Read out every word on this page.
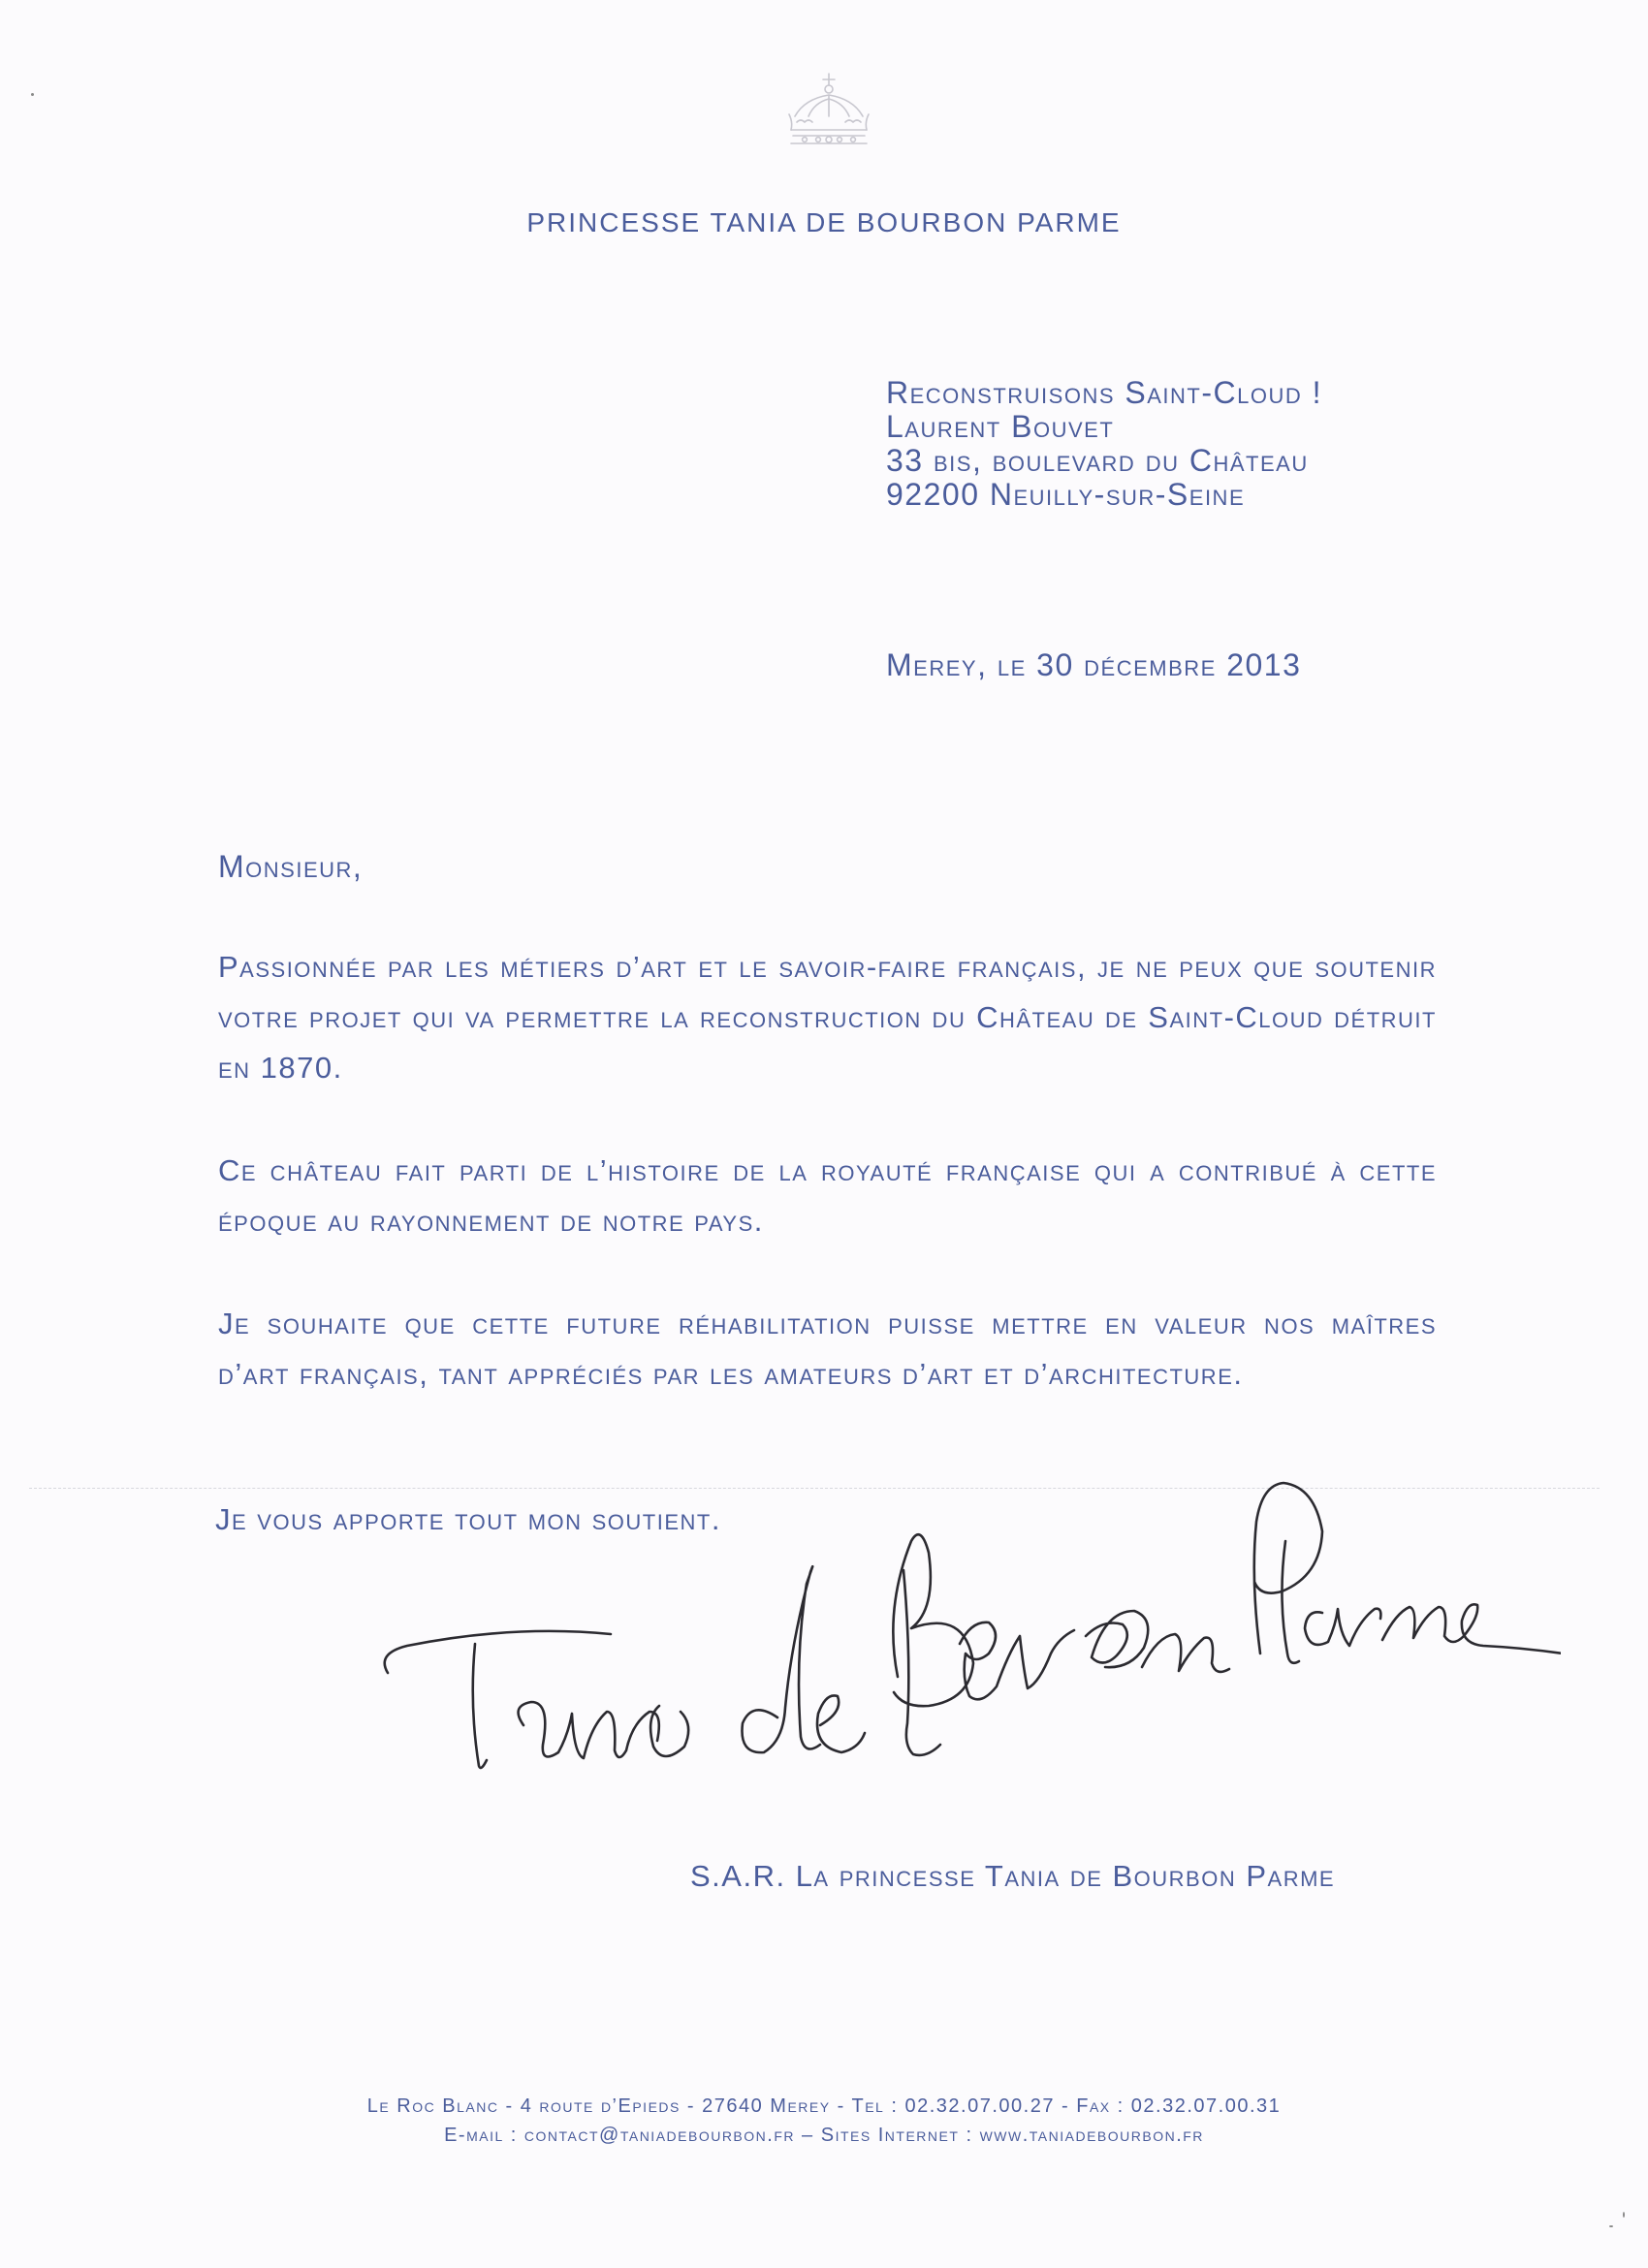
PRINCESSE TANIA DE BOURBON PARME
Reconstruisons Saint-Cloud !
Laurent Bouvet
33 bis, boulevard du Château
92200 Neuilly-sur-Seine
Merey, le 30 décembre 2013
Monsieur,
Passionnée par les métiers d’art et le savoir-faire français, je ne peux que soutenir votre projet qui va permettre la reconstruction du Château de Saint-Cloud détruit en 1870.
Ce château fait parti de l’histoire de la royauté française qui a contribué à cette époque au rayonnement de notre pays.
Je souhaite que cette future réhabilitation puisse mettre en valeur nos maîtres d’art français, tant appréciés par les amateurs d’art et d’architecture.
Je vous apporte tout mon soutient.
S.A.R. La princesse Tania de Bourbon Parme
Le Roc Blanc - 4 route d’Epieds - 27640 Merey - Tel : 02.32.07.00.27 - Fax : 02.32.07.00.31
E-mail : contact@taniadebourbon.fr – Sites Internet : www.taniadebourbon.fr
